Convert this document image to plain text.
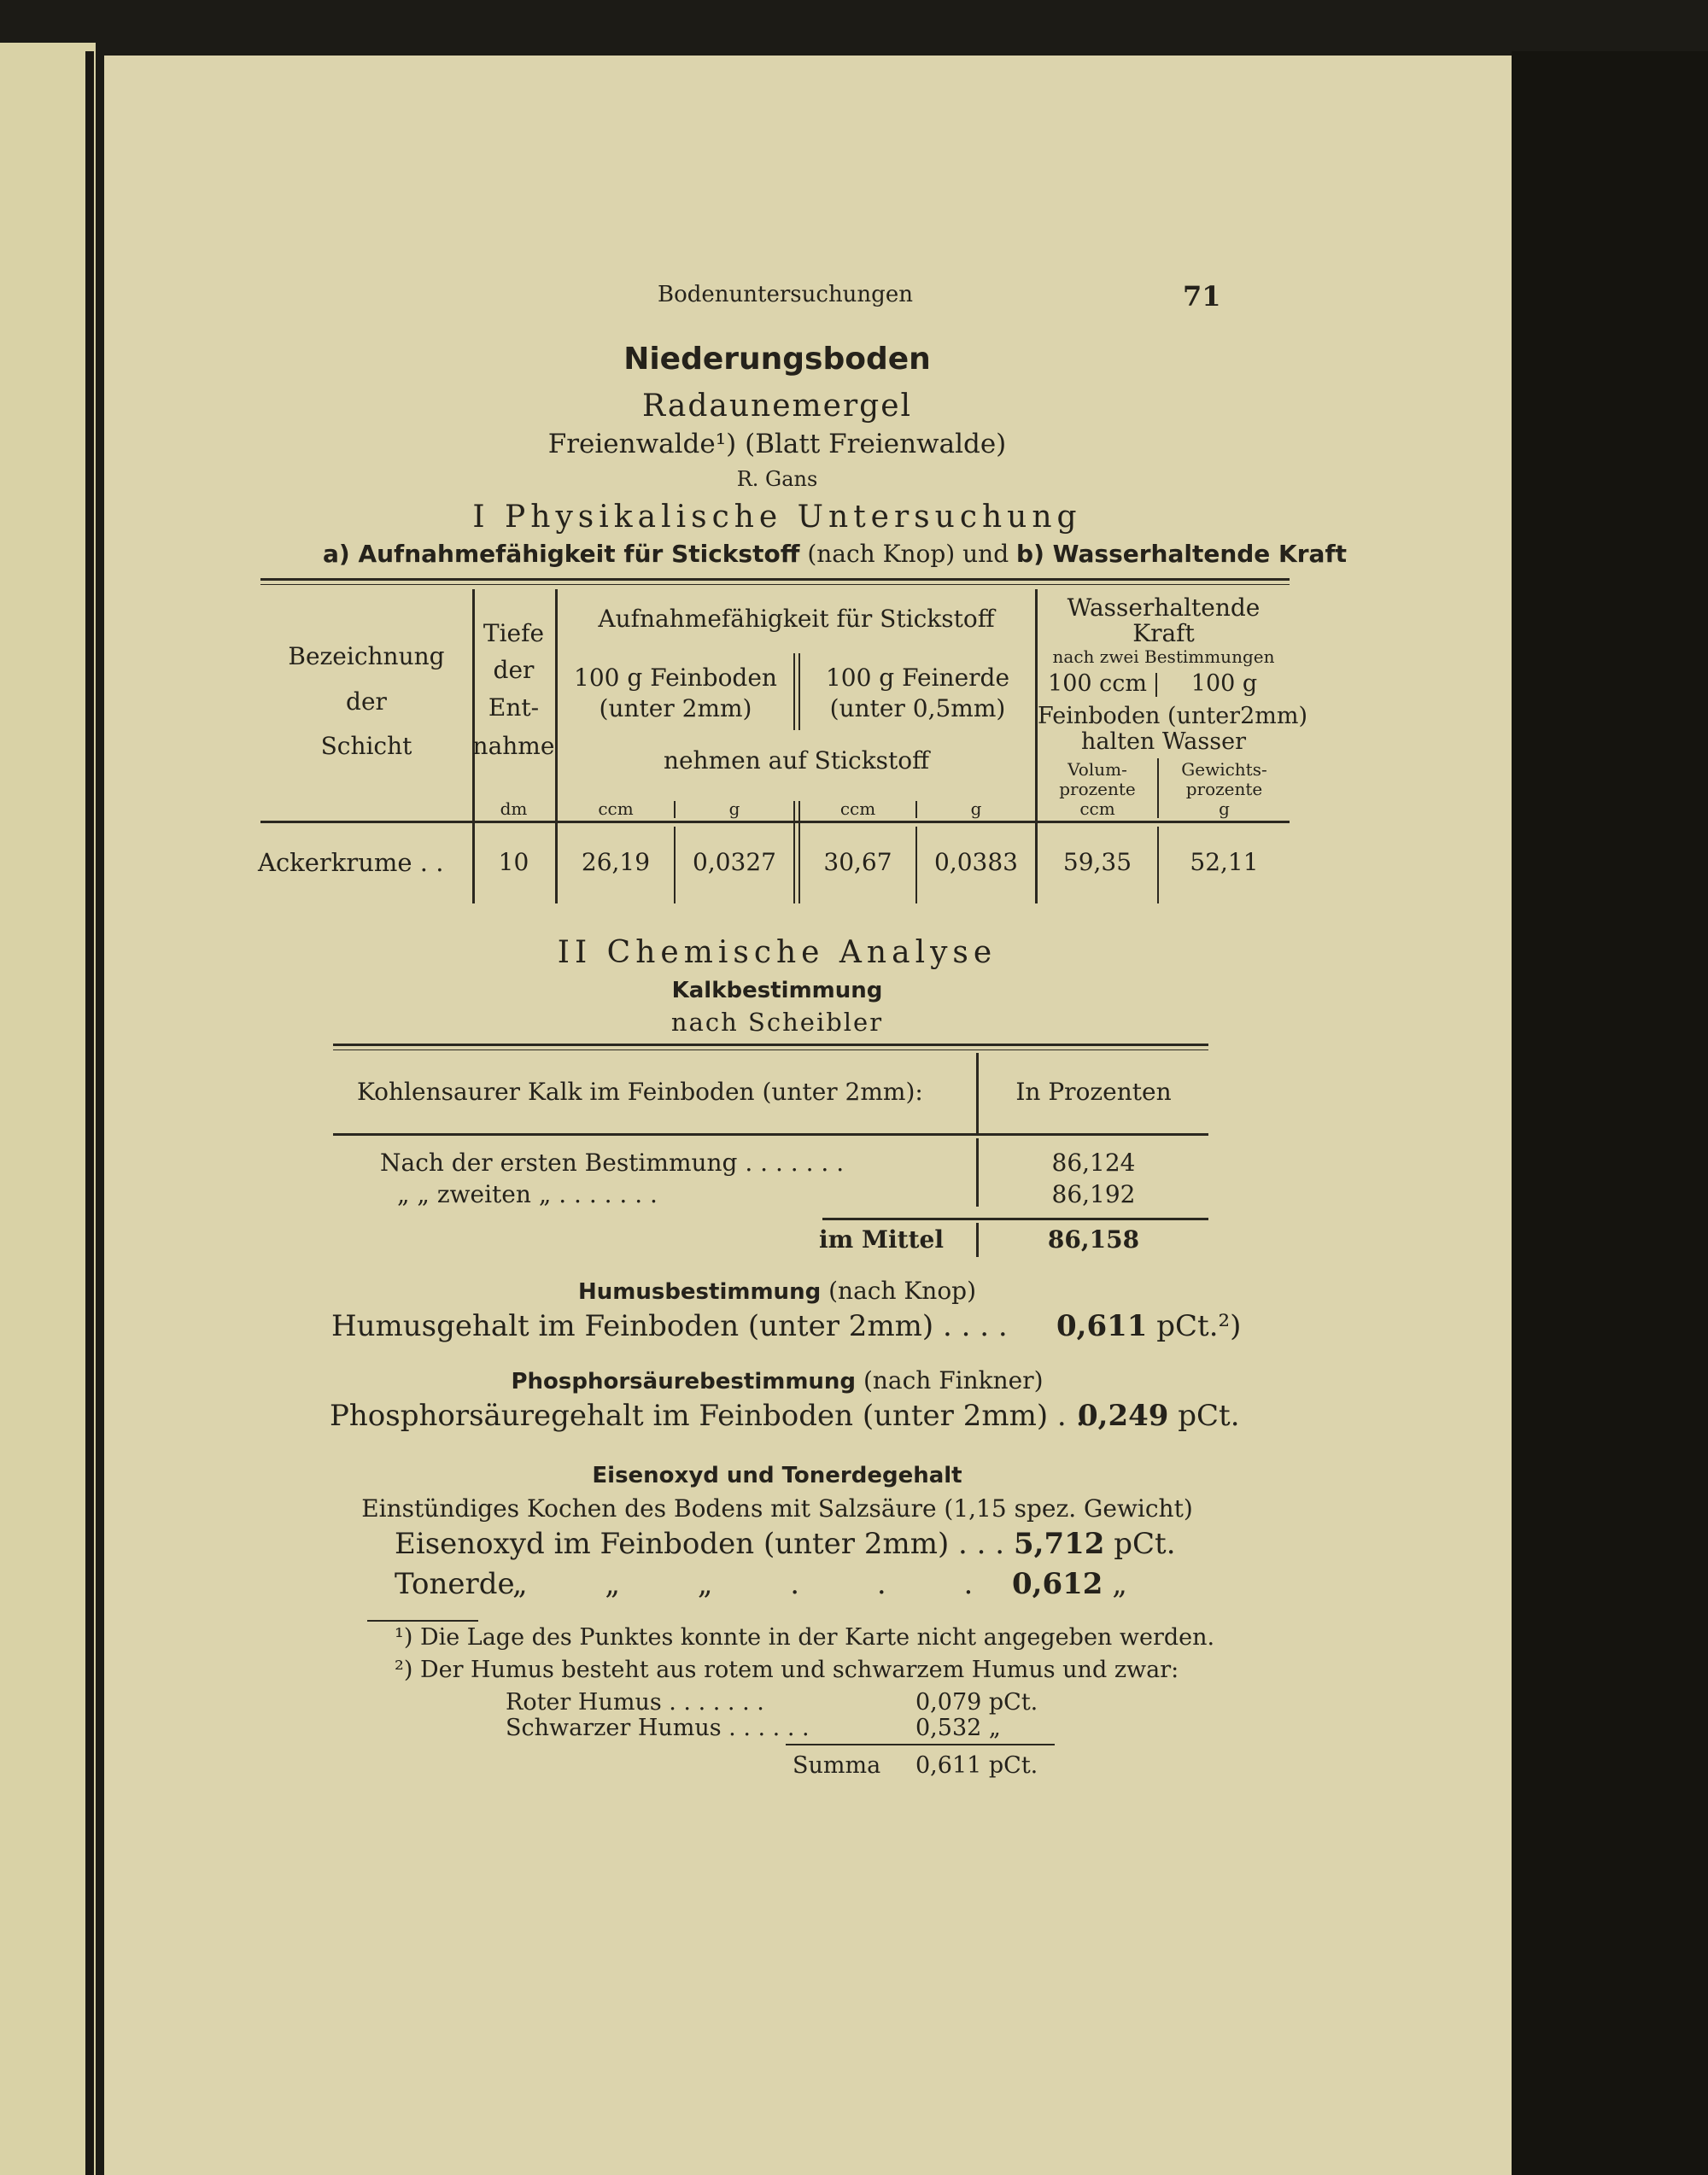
Bodenuntersuchungen	71
Niederungsboden
Radaunemergel
Freienwalde¹) (Blatt Freienwalde)
R. Gans
I Physikalische Untersuchung
a) Aufnahmefähigkeit für Stickstoff (nach Knop) und b) Wasserhaltende Kraft
Bezeichnung
der
Schicht
Tiefe
der
Ent-
nahme
Aufnahmefähigkeit für Stickstoff
100 g Feinboden
(unter 2mm)
100 g Feinerde
(unter 0,5mm)
nehmen auf Stickstoff
Wasserhaltende
Kraft
nach zwei Bestimmungen
100 ccm	100 g
Feinboden (unter2mm)
halten Wasser
Volum-
prozente
Gewichts-
prozente
dm	ccm	g	ccm	g	ccm	g
Ackerkrume . .	10	26,19	0,0327	30,67	0,0383	59,35	52,11
II Chemische Analyse
Kalkbestimmung
nach Scheibler
Kohlensaurer Kalk im Feinboden (unter 2mm):	In Prozenten
Nach der ersten Bestimmung . . . . . . .	86,124
„ „ zweiten „ . . . . . . .	86,192
im Mittel	86,158
Humusbestimmung (nach Knop)
Humusgehalt im Feinboden (unter 2mm) . . . . 0,611 pCt.²)
Phosphorsäurebestimmung (nach Finkner)
Phosphorsäuregehalt im Feinboden (unter 2mm) . .
0,249 pCt.
Eisenoxyd und Tonerdegehalt
Einstündiges Kochen des Bodens mit Salzsäure (1,15 spez. Gewicht)
Eisenoxyd im Feinboden (unter 2mm) . . . 5,712 pCt.
Tonerde
„ „ „ . . . 0,612 „
¹) Die Lage des Punktes konnte in der Karte nicht angegeben werden.
²) Der Humus besteht aus rotem und schwarzem Humus und zwar:
Roter Humus . . . . . . .	0,079 pCt.
Schwarzer Humus . . . . . .	0,532 „
Summa 0,611 pCt.
